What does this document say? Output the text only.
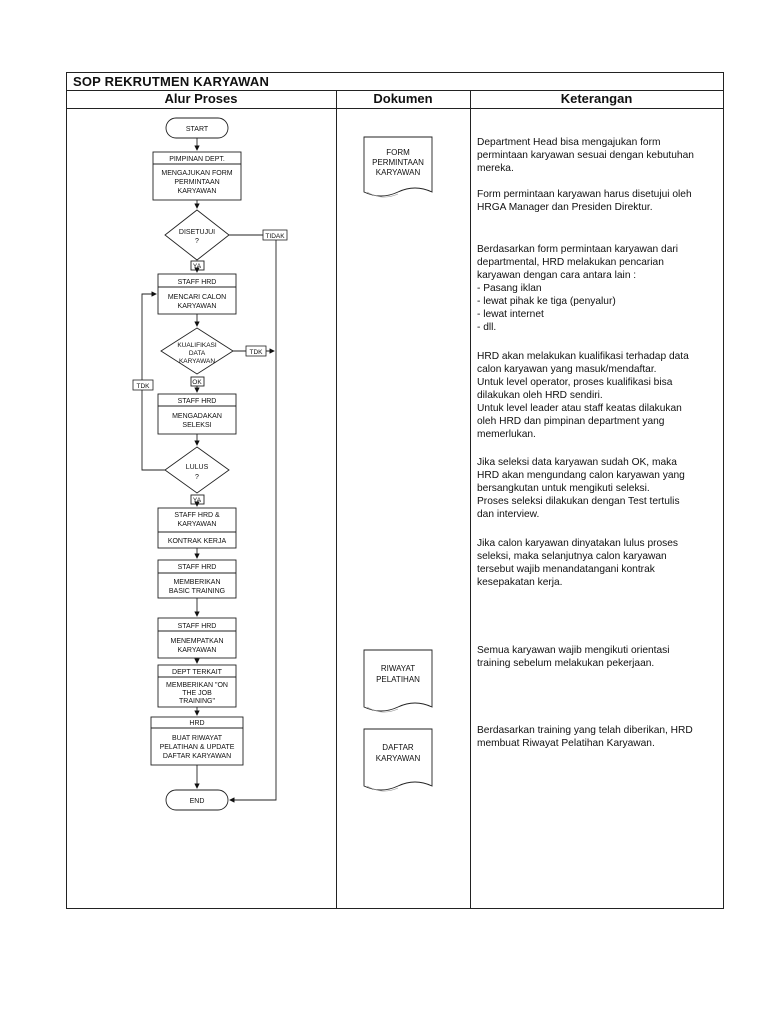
SOP REKRUTMEN KARYAWAN
Alur Proses	Dokumen	Keterangan
START
PIMPINAN DEPT.
MENGAJUKAN FORM
PERMINTAAN
KARYAWAN
DISETUJUI
?
TIDAK
YA
STAFF HRD
MENCARI CALON
KARYAWAN
KUALIFIKASI
DATA
KARYAWAN
TDK
OK
STAFF HRD
MENGADAKAN
SELEKSI
TDK
LULUS
?
YA
STAFF HRD &
KARYAWAN
KONTRAK KERJA
STAFF HRD
MEMBERIKAN
BASIC TRAINING
STAFF HRD
MENEMPATKAN
KARYAWAN
DEPT TERKAIT
MEMBERIKAN "ON
THE JOB
TRAINING"
HRD
BUAT RIWAYAT
PELATIHAN & UPDATE
DAFTAR KARYAWAN
END
FORM
PERMINTAAN
KARYAWAN
RIWAYAT
PELATIHAN
DAFTAR
KARYAWAN
Department Head bisa mengajukan form
permintaan karyawan sesuai dengan kebutuhan
mereka.

Form permintaan karyawan harus disetujui oleh
HRGA Manager dan Presiden Direktur.
Berdasarkan form permintaan karyawan dari
departmental, HRD melakukan pencarian
karyawan dengan cara antara lain :
- Pasang iklan
- lewat pihak ke tiga (penyalur)
- lewat internet
- dll.
HRD akan melakukan kualifikasi terhadap data
calon karyawan yang masuk/mendaftar.
Untuk level operator, proses kualifikasi bisa
dilakukan oleh HRD sendiri.
Untuk level leader atau staff keatas dilakukan
oleh HRD dan pimpinan department yang
memerlukan.
Jika seleksi data karyawan sudah OK, maka
HRD akan mengundang calon karyawan yang
bersangkutan untuk mengikuti seleksi.
Proses seleksi dilakukan dengan Test tertulis
dan interview.
Jika calon karyawan dinyatakan lulus proses
seleksi, maka selanjutnya calon karyawan
tersebut wajib menandatangani kontrak
kesepakatan kerja.
Semua karyawan wajib mengikuti orientasi
training sebelum melakukan pekerjaan.
Berdasarkan training yang telah diberikan, HRD
membuat Riwayat Pelatihan Karyawan.
